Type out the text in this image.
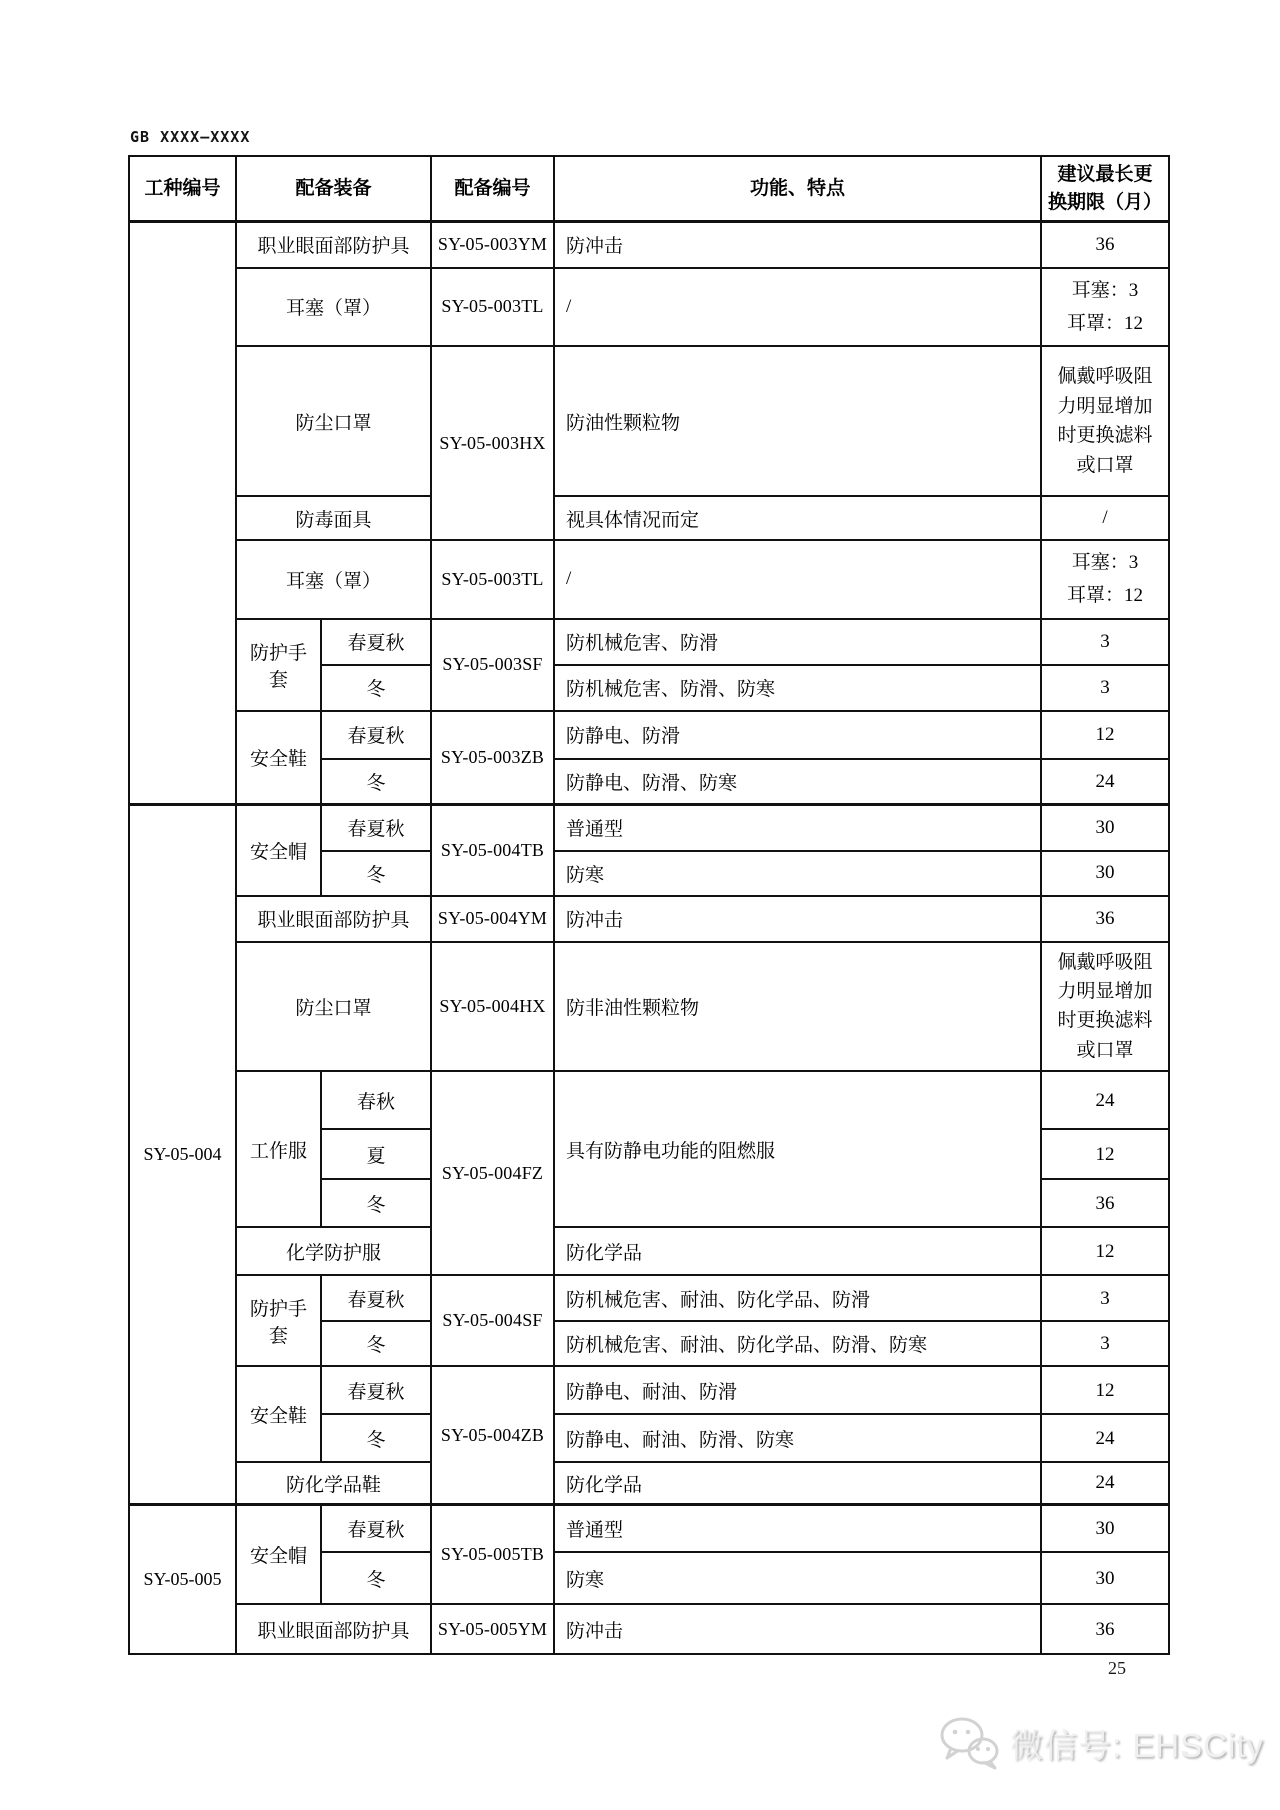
GB XXXX—XXXX
工种编号	配备装备		配备编号	功能、特点	建议最长更
换期限（月）

	职业眼面部防护具		SY-05-003YM	防冲击	36
	耳塞（罩）		SY-05-003TL	/	耳塞：3
耳罩：12

	防尘口罩		SY-05-003HX	防油性颗粒物	佩戴呼吸阻力明显增加时更换滤料或口罩
	防毒面具			视具体情况而定	/
	耳塞（罩）		SY-05-003TL	/	耳塞：3
耳罩：12

	防护手套	春夏秋	SY-05-003SF	防机械危害、防滑	3
		冬		防机械危害、防滑、防寒	3
	安全鞋	春夏秋	SY-05-003ZB	防静电、防滑	12
		冬		防静电、防滑、防寒	24
SY-05-004	安全帽	春夏秋	SY-05-004TB	普通型	30
		冬		防寒	30
	职业眼面部防护具		SY-05-004YM	防冲击	36
	防尘口罩		SY-05-004HX	防非油性颗粒物	佩戴呼吸阻力明显增加时更换滤料或口罩
	工作服	春秋	SY-05-004FZ	具有防静电功能的阻燃服	24
		夏			12
		冬			36
	化学防护服			防化学品	12
	防护手套	春夏秋	SY-05-004SF	防机械危害、耐油、防化学品、防滑	3
		冬		防机械危害、耐油、防化学品、防滑、防寒	3
	安全鞋	春夏秋	SY-05-004ZB	防静电、耐油、防滑	12
		冬		防静电、耐油、防滑、防寒	24
	防化学品鞋			防化学品	24
SY-05-005	安全帽	春夏秋	SY-05-005TB	普通型	30
		冬		防寒	30
	职业眼面部防护具		SY-05-005YM	防冲击	36
25
微信号: EHSCity
